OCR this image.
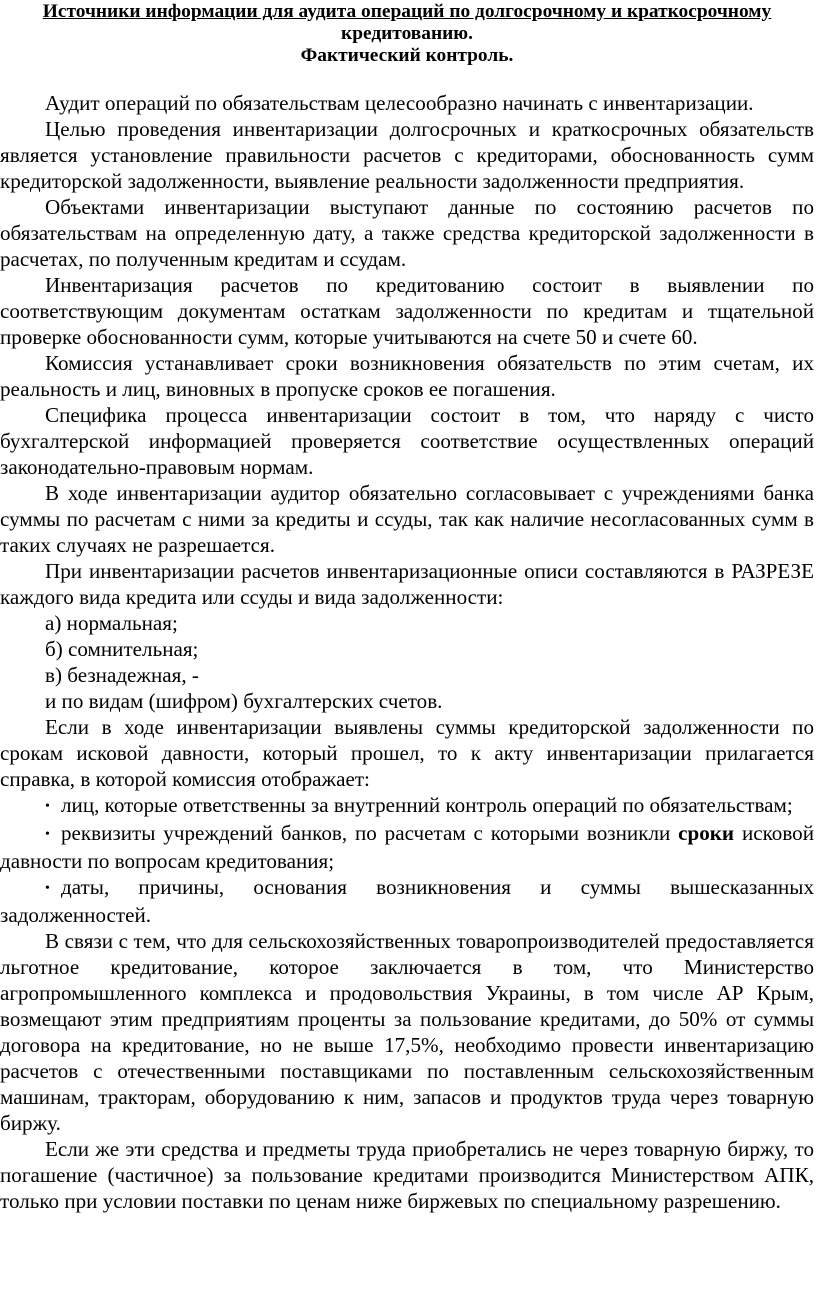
Источники информации для аудита операций по долгосрочному и краткосрочному
кредитованию.
Фактический контроль.

Аудит операций по обязательствам целесообразно начинать с инвентаризации.

Целью проведения инвентаризации долгосрочных и краткосрочных обязательств является установление правильности расчетов с кредиторами, обоснованность сумм кредиторской задолженности, выявление реальности задолженности предприятия.

Объектами инвентаризации выступают данные по состоянию расчетов по обязательствам на определенную дату, а также средства кредиторской задолженности в расчетах, по полученным кредитам и ссудам.

Инвентаризация расчетов по кредитованию состоит в выявлении по соответствующим документам остаткам задолженности по кредитам и тщательной проверке обоснованности сумм, которые учитываются на счете 50 и счете 60.

Комиссия устанавливает сроки возникновения обязательств по этим счетам, их реальность и лиц, виновных в пропуске сроков ее погашения.

Специфика процесса инвентаризации состоит в том, что наряду с чисто бухгалтерской информацией проверяется соответствие осуществленных операций законодательно-правовым нормам.

В ходе инвентаризации аудитор обязательно согласовывает с учреждениями банка суммы по расчетам с ними за кредиты и ссуды, так как наличие несогласованных сумм в таких случаях не разрешается.

При инвентаризации расчетов инвентаризационные описи составляются в РАЗРЕЗЕ каждого вида кредита или ссуды и вида задолженности:

а) нормальная;

б) сомнительная;

в) безнадежная, -

и по видам (шифром) бухгалтерских счетов.

Если в ходе инвентаризации выявлены суммы кредиторской задолженности по срокам исковой давности, который прошел, то к акту инвентаризации прилагается справка, в которой комиссия отображает:

• лиц, которые ответственны за внутренний контроль операций по обязательствам;

• реквизиты учреждений банков, по расчетам с которыми возникли сроки исковой давности по вопросам кредитования;

• даты, причины, основания возникновения и суммы вышесказанных задолженностей.

В связи с тем, что для сельскохозяйственных товаропроизводителей предоставляется льготное кредитование, которое заключается в том, что Министерство агропромышленного комплекса и продовольствия Украины, в том числе АР Крым, возмещают этим предприятиям проценты за пользование кредитами, до 50% от суммы договора на кредитование, но не выше 17,5%, необходимо провести инвентаризацию расчетов с отечественными поставщиками по поставленным сельскохозяйственным машинам, тракторам, оборудованию к ним, запасов и продуктов труда через товарную биржу.

Если же эти средства и предметы труда приобретались не через товарную биржу, то погашение (частичное) за пользование кредитами производится Министерством АПК, только при условии поставки по ценам ниже биржевых по специальному разрешению.
